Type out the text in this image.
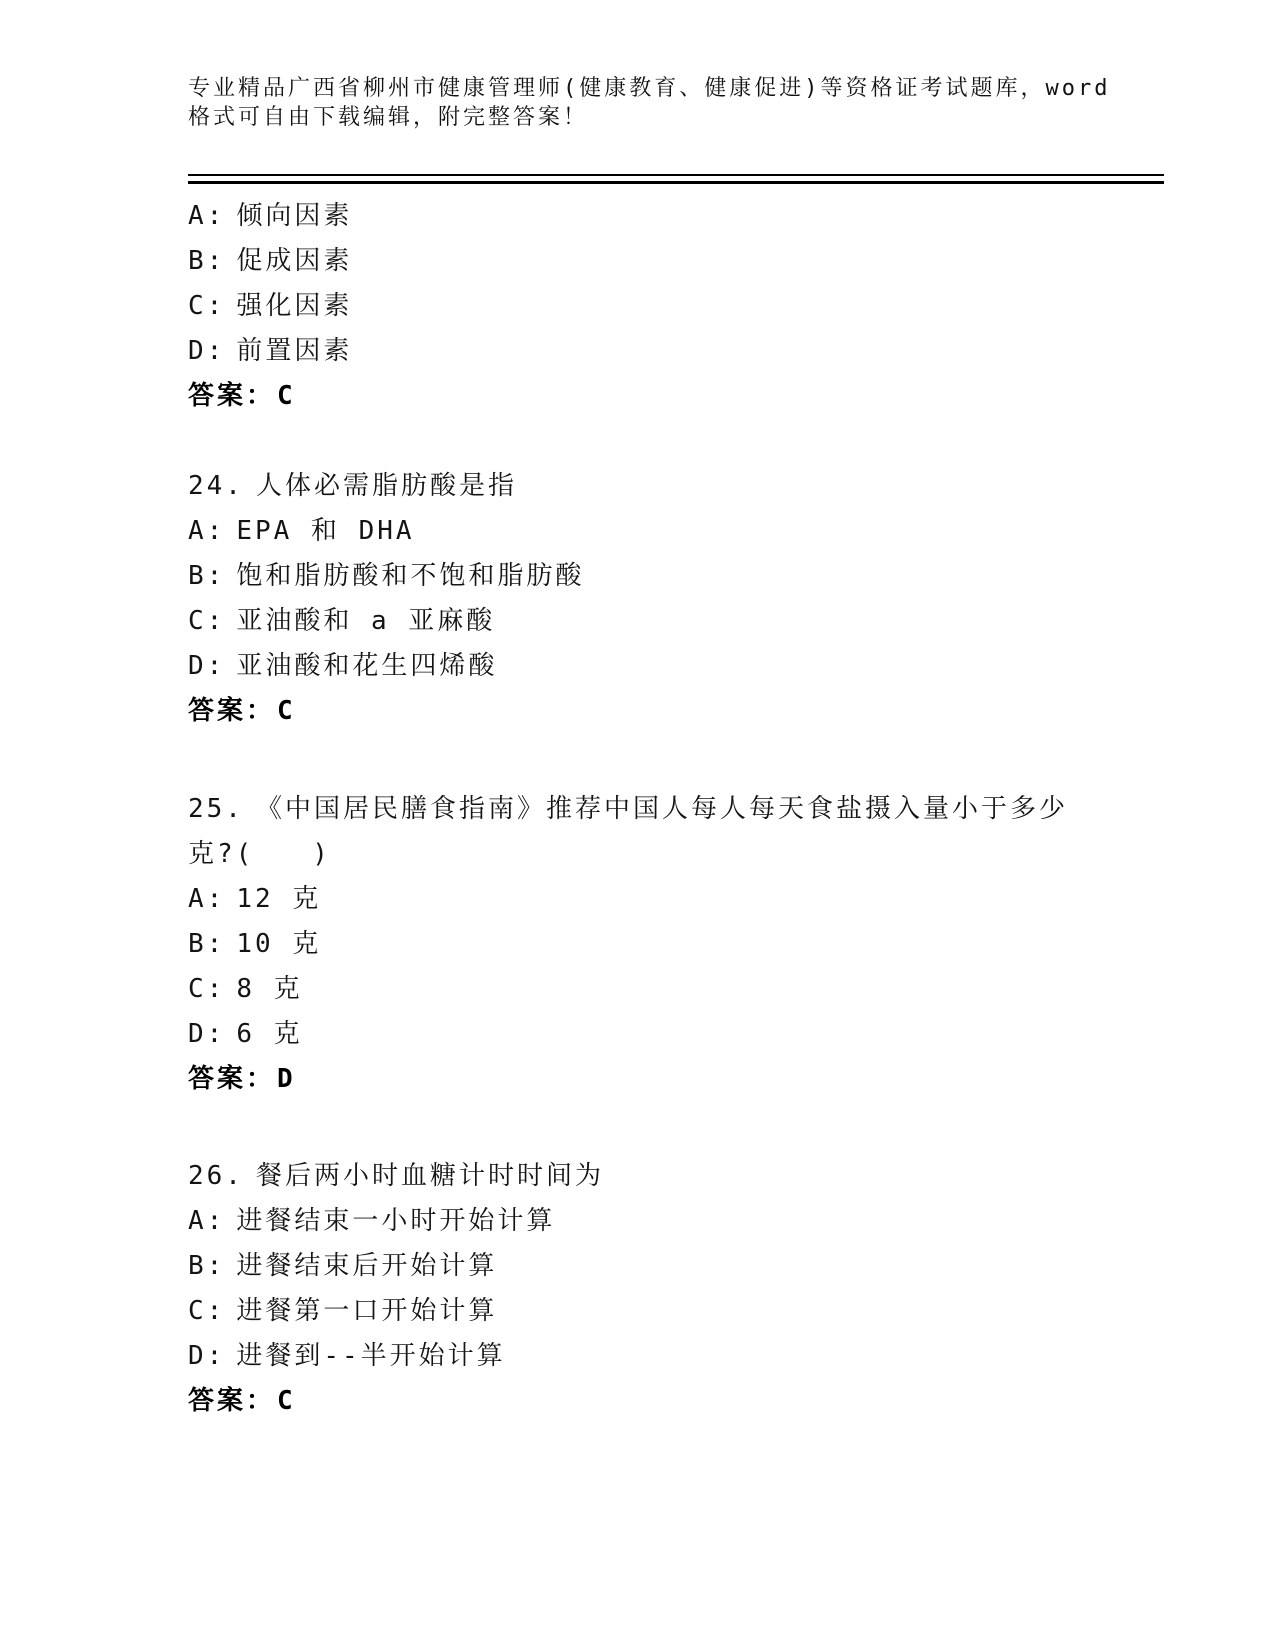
专业精品广西省柳州市健康管理师(健康教育、健康促进)等资格证考试题库，word
格式可自由下载编辑，附完整答案！
A: 倾向因素
B: 促成因素
C: 强化因素
D: 前置因素
答案：C
24. 人体必需脂肪酸是指
A: EPA 和 DHA
B: 饱和脂肪酸和不饱和脂肪酸
C: 亚油酸和 a 亚麻酸
D: 亚油酸和花生四烯酸
答案：C
25. 《中国居民膳食指南》推荐中国人每人每天食盐摄入量小于多少
克?(　　)
A: 12 克
B: 10 克
C: 8 克
D: 6 克
答案：D
26. 餐后两小时血糖计时时间为
A: 进餐结束一小时开始计算
B: 进餐结束后开始计算
C: 进餐第一口开始计算
D: 进餐到--半开始计算
答案：C
